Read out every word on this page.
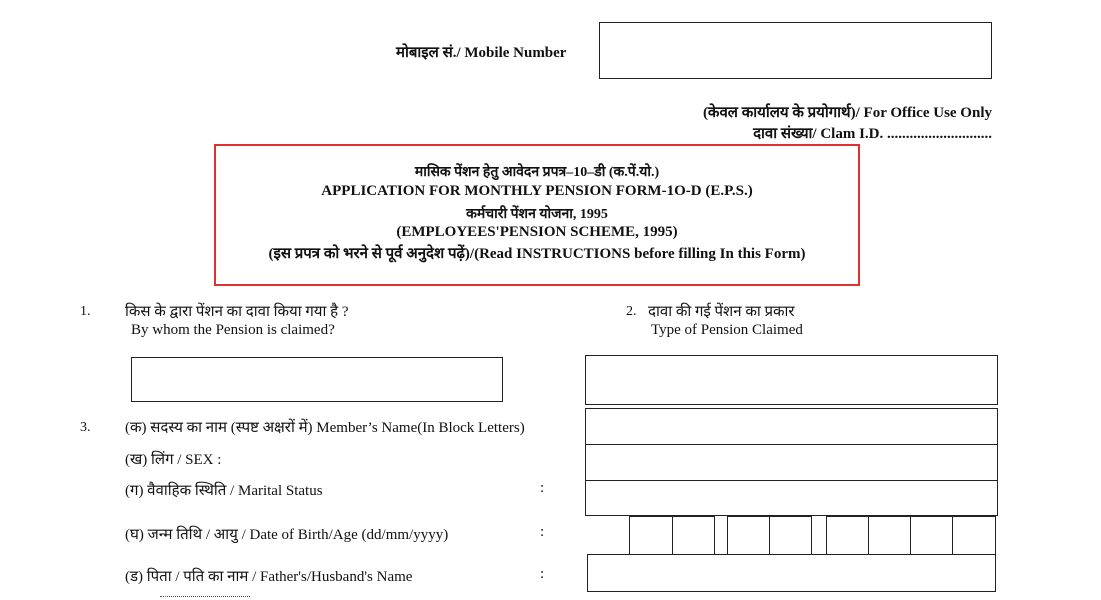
मोबाइल सं./ Mobile Number
(केवल कार्यालय के प्रयोगार्थ)/ For Office Use Only
दावा संख्या/ Clam I.D. ............................
मासिक पेंशन हेतु आवेदन प्रपत्र–10–डी (क.पें.यो.)
APPLICATION FOR MONTHLY PENSION FORM-1O-D (E.P.S.)
कर्मचारी पेंशन योजना, 1995
(EMPLOYEES'PENSION SCHEME, 1995)
(इस प्रपत्र को भरने से पूर्व अनुदेश पढ़ें)/(Read INSTRUCTIONS before filling In this Form)
1. किस के द्वारा पेंशन का दावा किया गया है ?
By whom the Pension is claimed?
2. दावा की गई पेंशन का प्रकार
Type of Pension Claimed
3. (क) सदस्य का नाम (स्पष्ट अक्षरों में) Member’s Name(In Block Letters)
(ख) लिंग / SEX :
(ग) वैवाहिक स्थिति / Marital Status	:
(घ) जन्म तिथि / आयु / Date of Birth/Age (dd/mm/yyyy)	:
(ड) पिता / पति का नाम / Father's/Husband's Name	:
